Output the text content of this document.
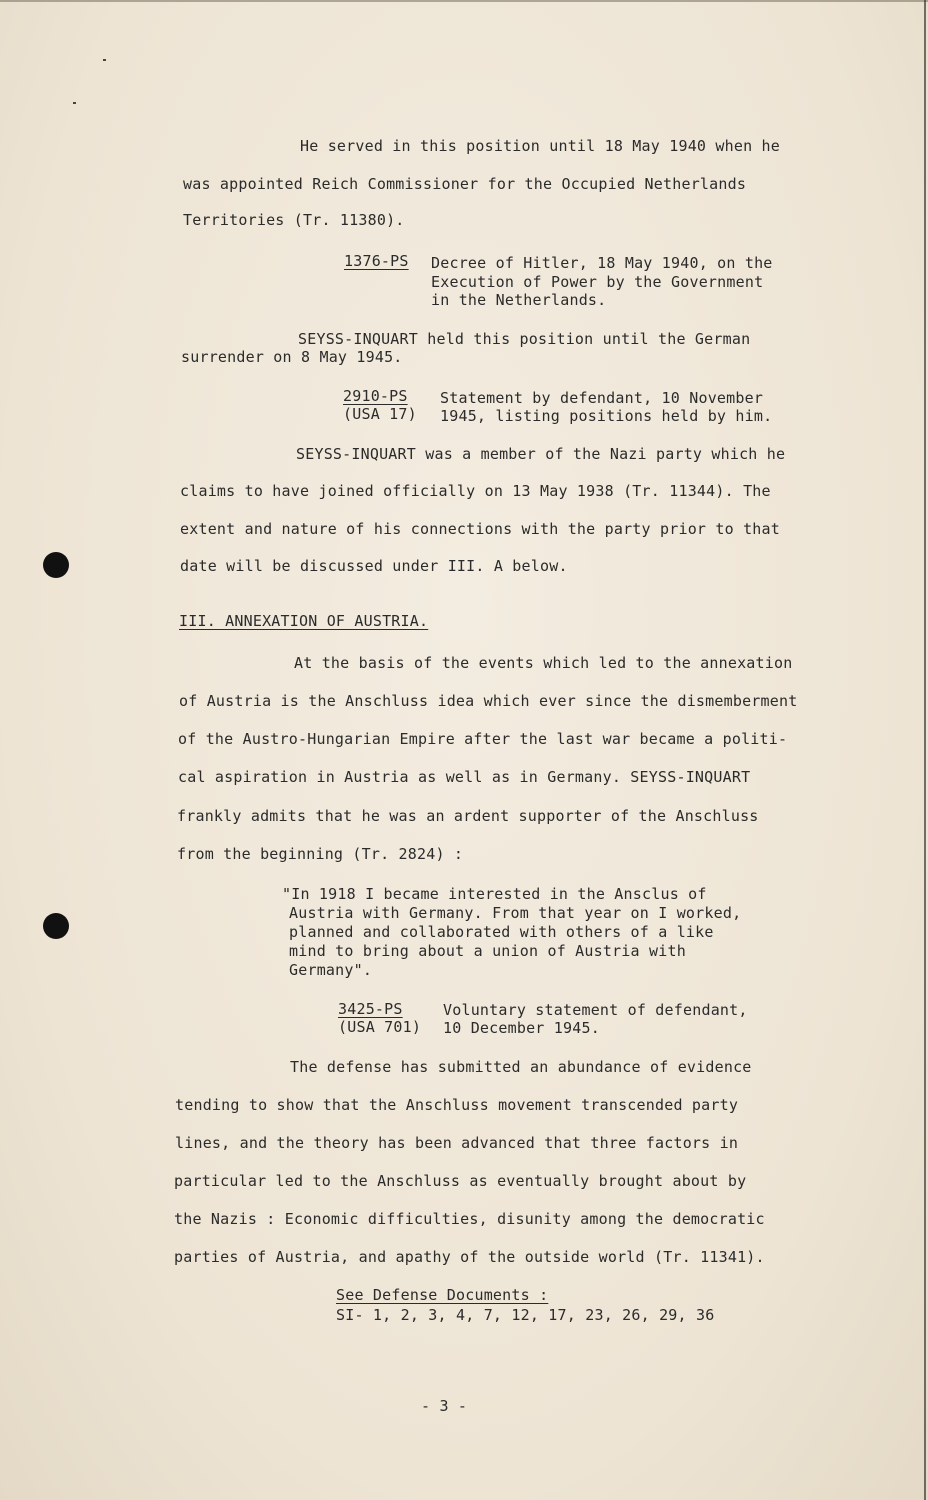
He served in this position until 18 May 1940 when he
was appointed Reich Commissioner for the Occupied Netherlands
Territories (Tr. 11380).
1376-PS Decree of Hitler, 18 May 1940, on the
Execution of Power by the Government
in the Netherlands.
SEYSS-INQUART held this position until the German
surrender on 8 May 1945.
2910-PS
(USA 17)
Statement by defendant, 10 November
1945, listing positions held by him.
SEYSS-INQUART was a member of the Nazi party which he
claims to have joined officially on 13 May 1938 (Tr. 11344). The
extent and nature of his connections with the party prior to that
date will be discussed under III. A below.
III. ANNEXATION OF AUSTRIA.
At the basis of the events which led to the annexation
of Austria is the Anschluss idea which ever since the dismemberment
of the Austro-Hungarian Empire after the last war became a politi-
cal aspiration in Austria as well as in Germany. SEYSS-INQUART
frankly admits that he was an ardent supporter of the Anschluss
from the beginning (Tr. 2824) :
"In 1918 I became interested in the Ansclus of
Austria with Germany. From that year on I worked,
planned and collaborated with others of a like
mind to bring about a union of Austria with
Germany".
3425-PS
(USA 701)
Voluntary statement of defendant,
10 December 1945.
The defense has submitted an abundance of evidence
tending to show that the Anschluss movement transcended party
lines, and the theory has been advanced that three factors in
particular led to the Anschluss as eventually brought about by
the Nazis : Economic difficulties, disunity among the democratic
parties of Austria, and apathy of the outside world (Tr. 11341).
See Defense Documents :
SI- 1, 2, 3, 4, 7, 12, 17, 23, 26, 29, 36
- 3 -
